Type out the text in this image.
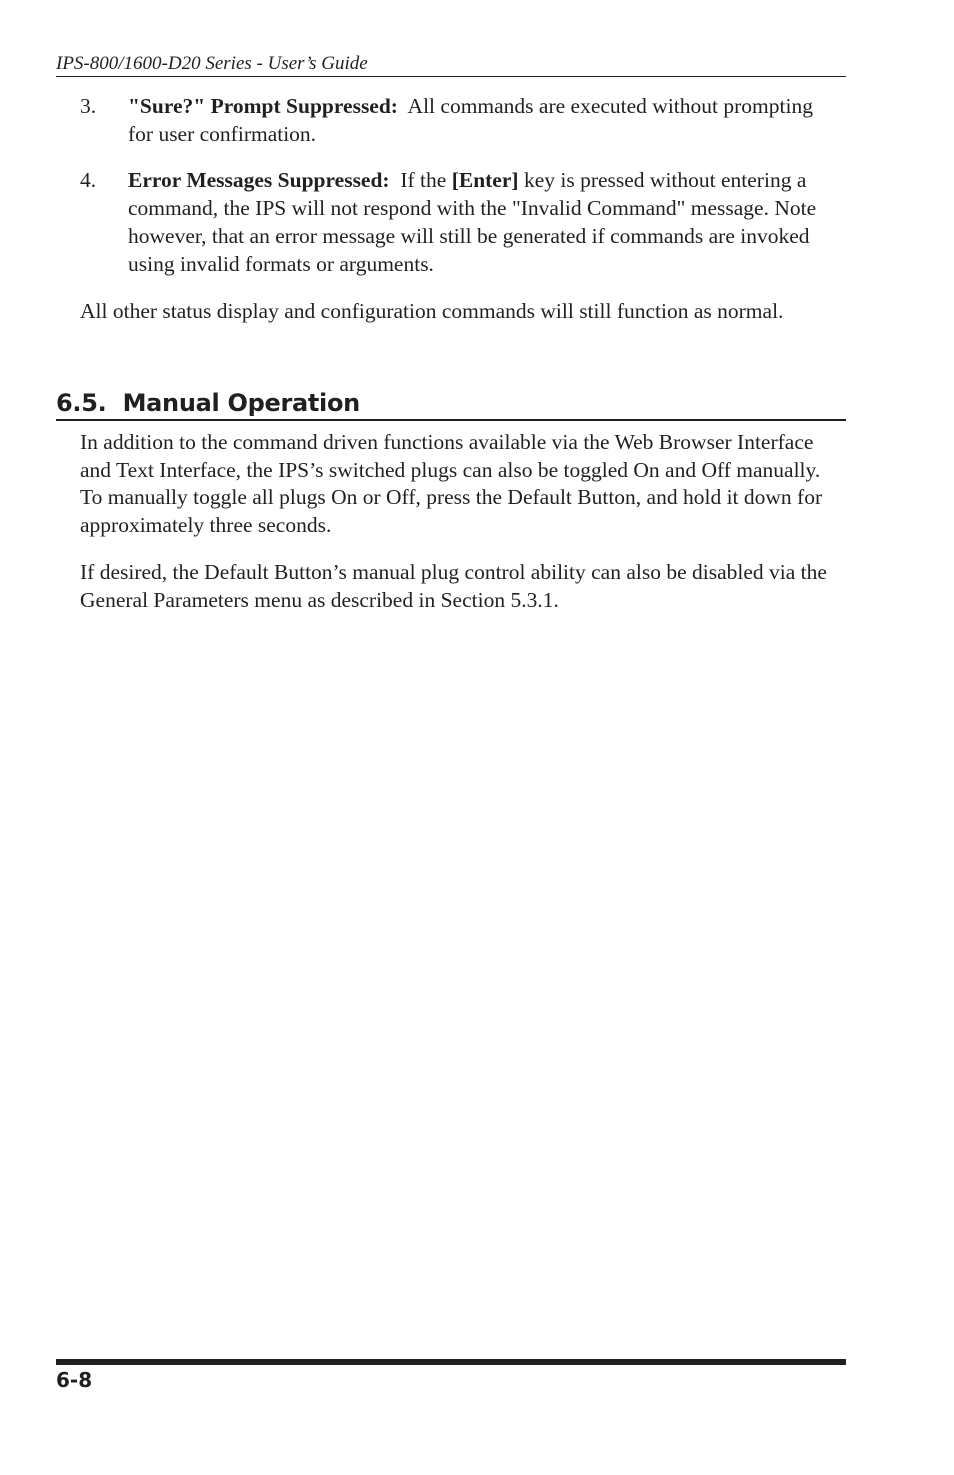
IPS-800/1600-D20 Series - User’s Guide
3.	"Sure?" Prompt Suppressed: All commands are executed without prompting for user confirmation.
4.	Error Messages Suppressed: If the [Enter] key is pressed without entering a command, the IPS will not respond with the "Invalid Command" message. Note however, that an error message will still be generated if commands are invoked using invalid formats or arguments.

All other status display and configuration commands will still function as normal.

6.5. Manual Operation

In addition to the command driven functions available via the Web Browser Interface and Text Interface, the IPS’s switched plugs can also be toggled On and Off manually. To manually toggle all plugs On or Off, press the Default Button, and hold it down for approximately three seconds.

If desired, the Default Button’s manual plug control ability can also be disabled via the General Parameters menu as described in Section 5.3.1.

6-8
